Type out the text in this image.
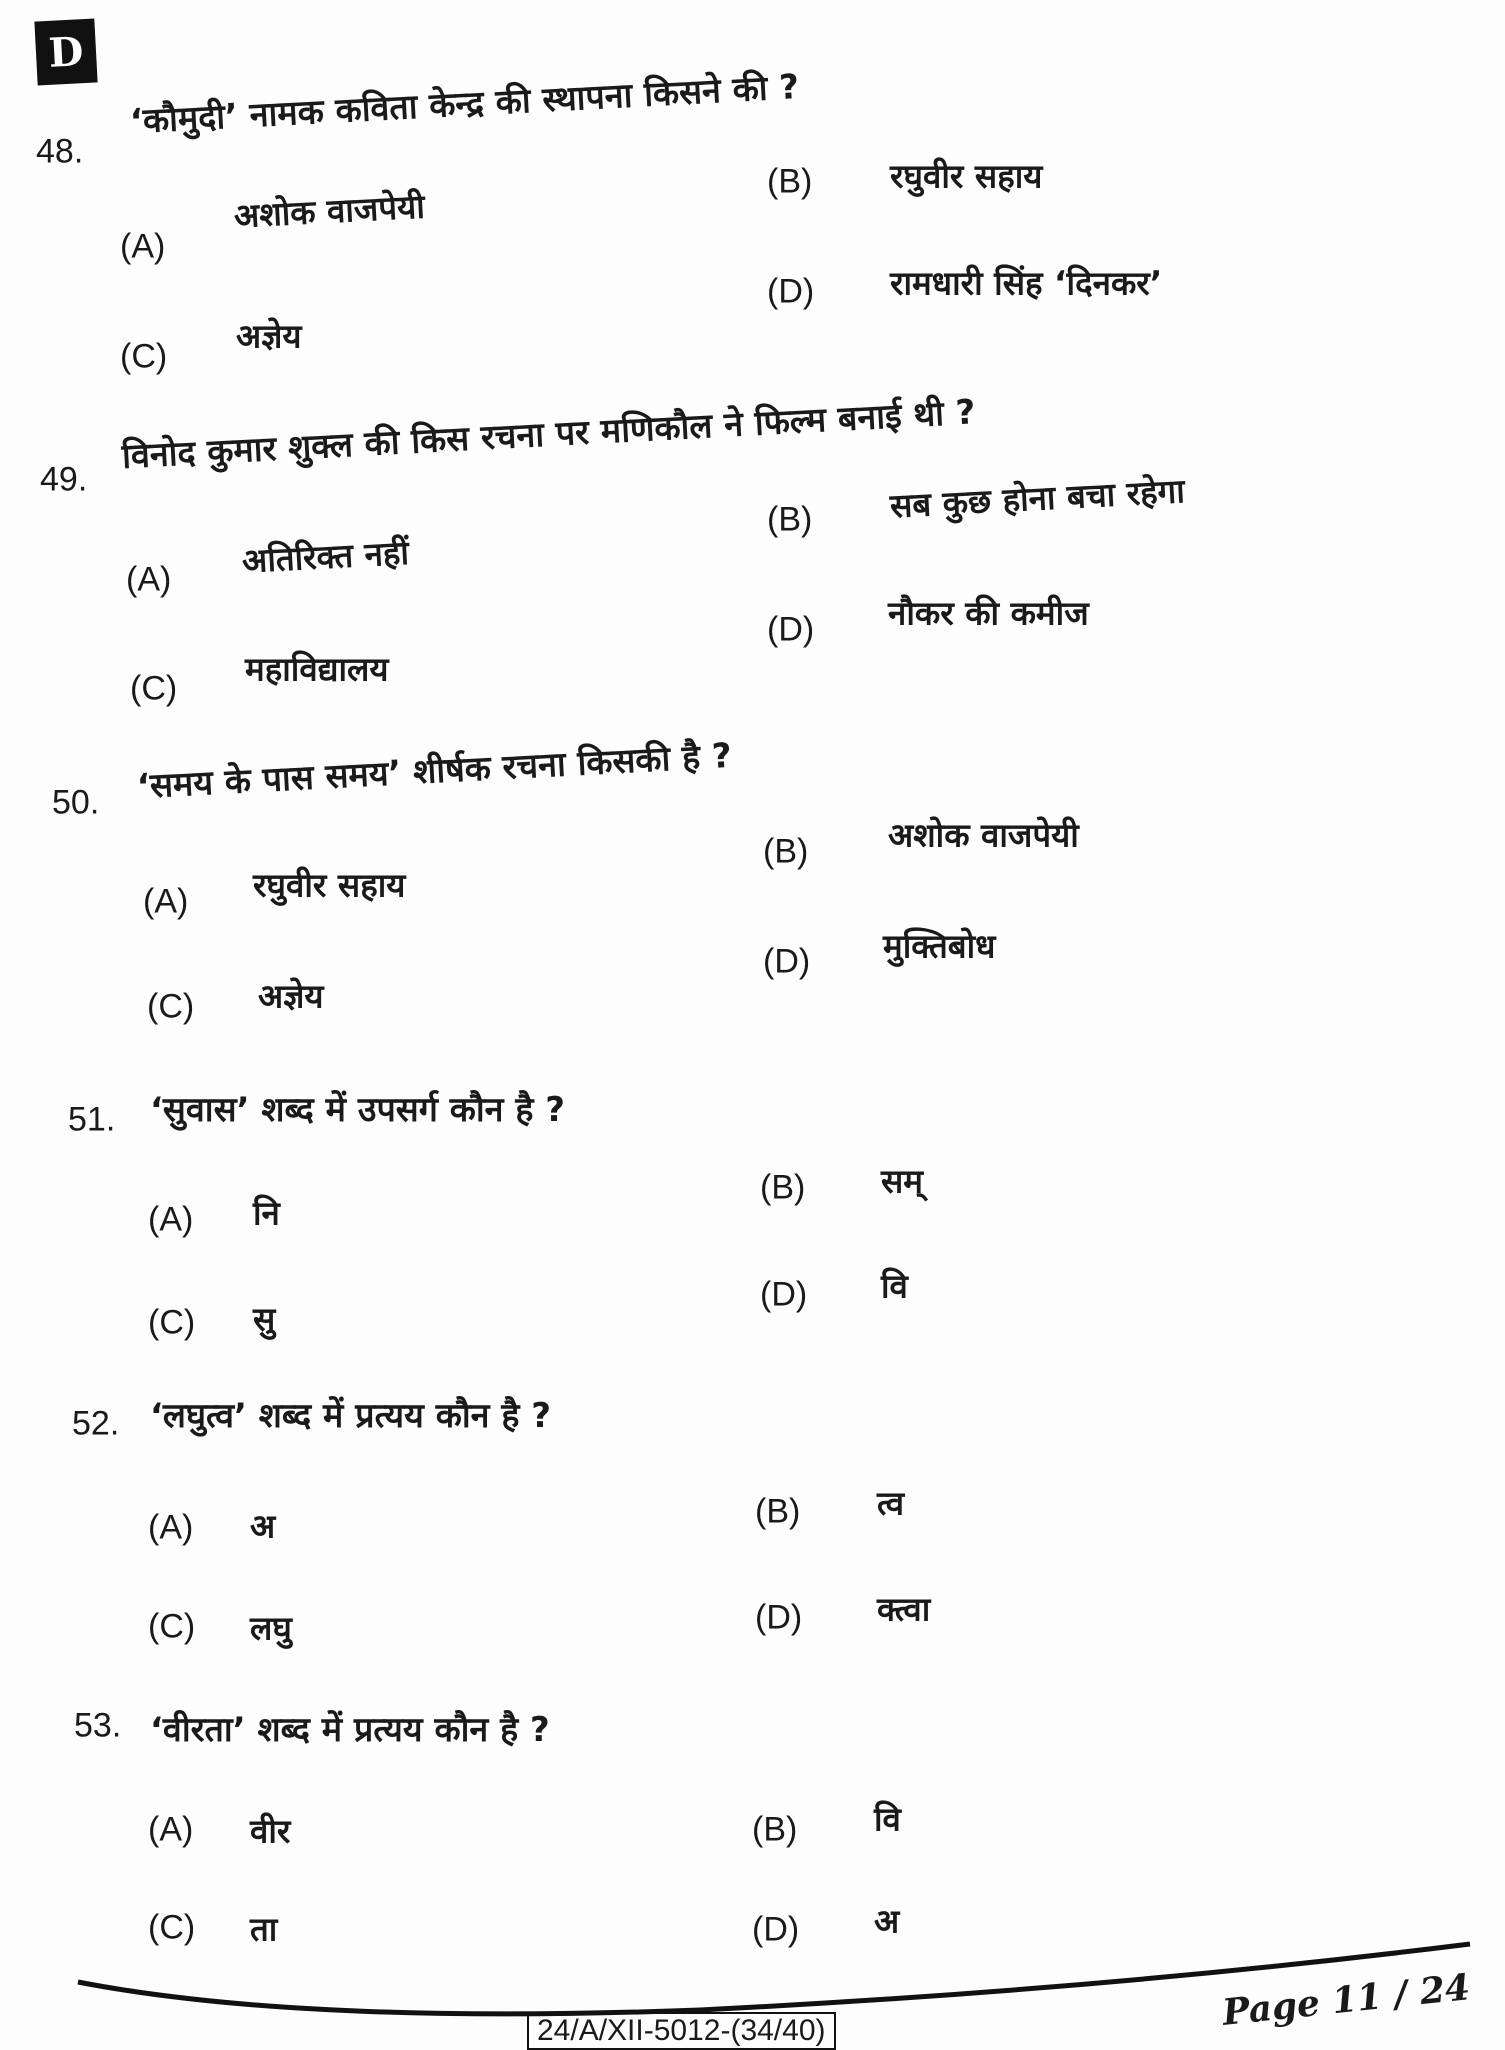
D
48.
‘कौमुदी’ नामक कविता केन्द्र की स्थापना किसने की ?
(A)
अशोक वाजपेयी
(B) रघुवीर सहाय
(C)
अज्ञेय
(D) रामधारी सिंह ‘दिनकर’
49.
विनोद कुमार शुक्ल की किस रचना पर मणिकौल ने फिल्म बनाई थी ?
(A) अतिरिक्त नहीं
(B) सब कुछ होना बचा रहेगा
(C) महाविद्यालय
(D) नौकर की कमीज
50. ‘समय के पास समय’ शीर्षक रचना किसकी है ?
(A) रघुवीर सहाय
(B) अशोक वाजपेयी
(C) अज्ञेय
(D) मुक्तिबोध
51. ‘सुवास’ शब्द में उपसर्ग कौन है ?
(A) नि
(B) सम्
(C) सु
(D) वि
52. ‘लघुत्व’ शब्द में प्रत्यय कौन है ?
(A) अ	(B) त्व
(C) लघु	(D) क्त्वा
53. ‘वीरता’ शब्द में प्रत्यय कौन है ?
(A) वीर	(B) वि
(C) ता	(D) अ
Page 11 / 24
24/A/XII-5012-(34/40)
